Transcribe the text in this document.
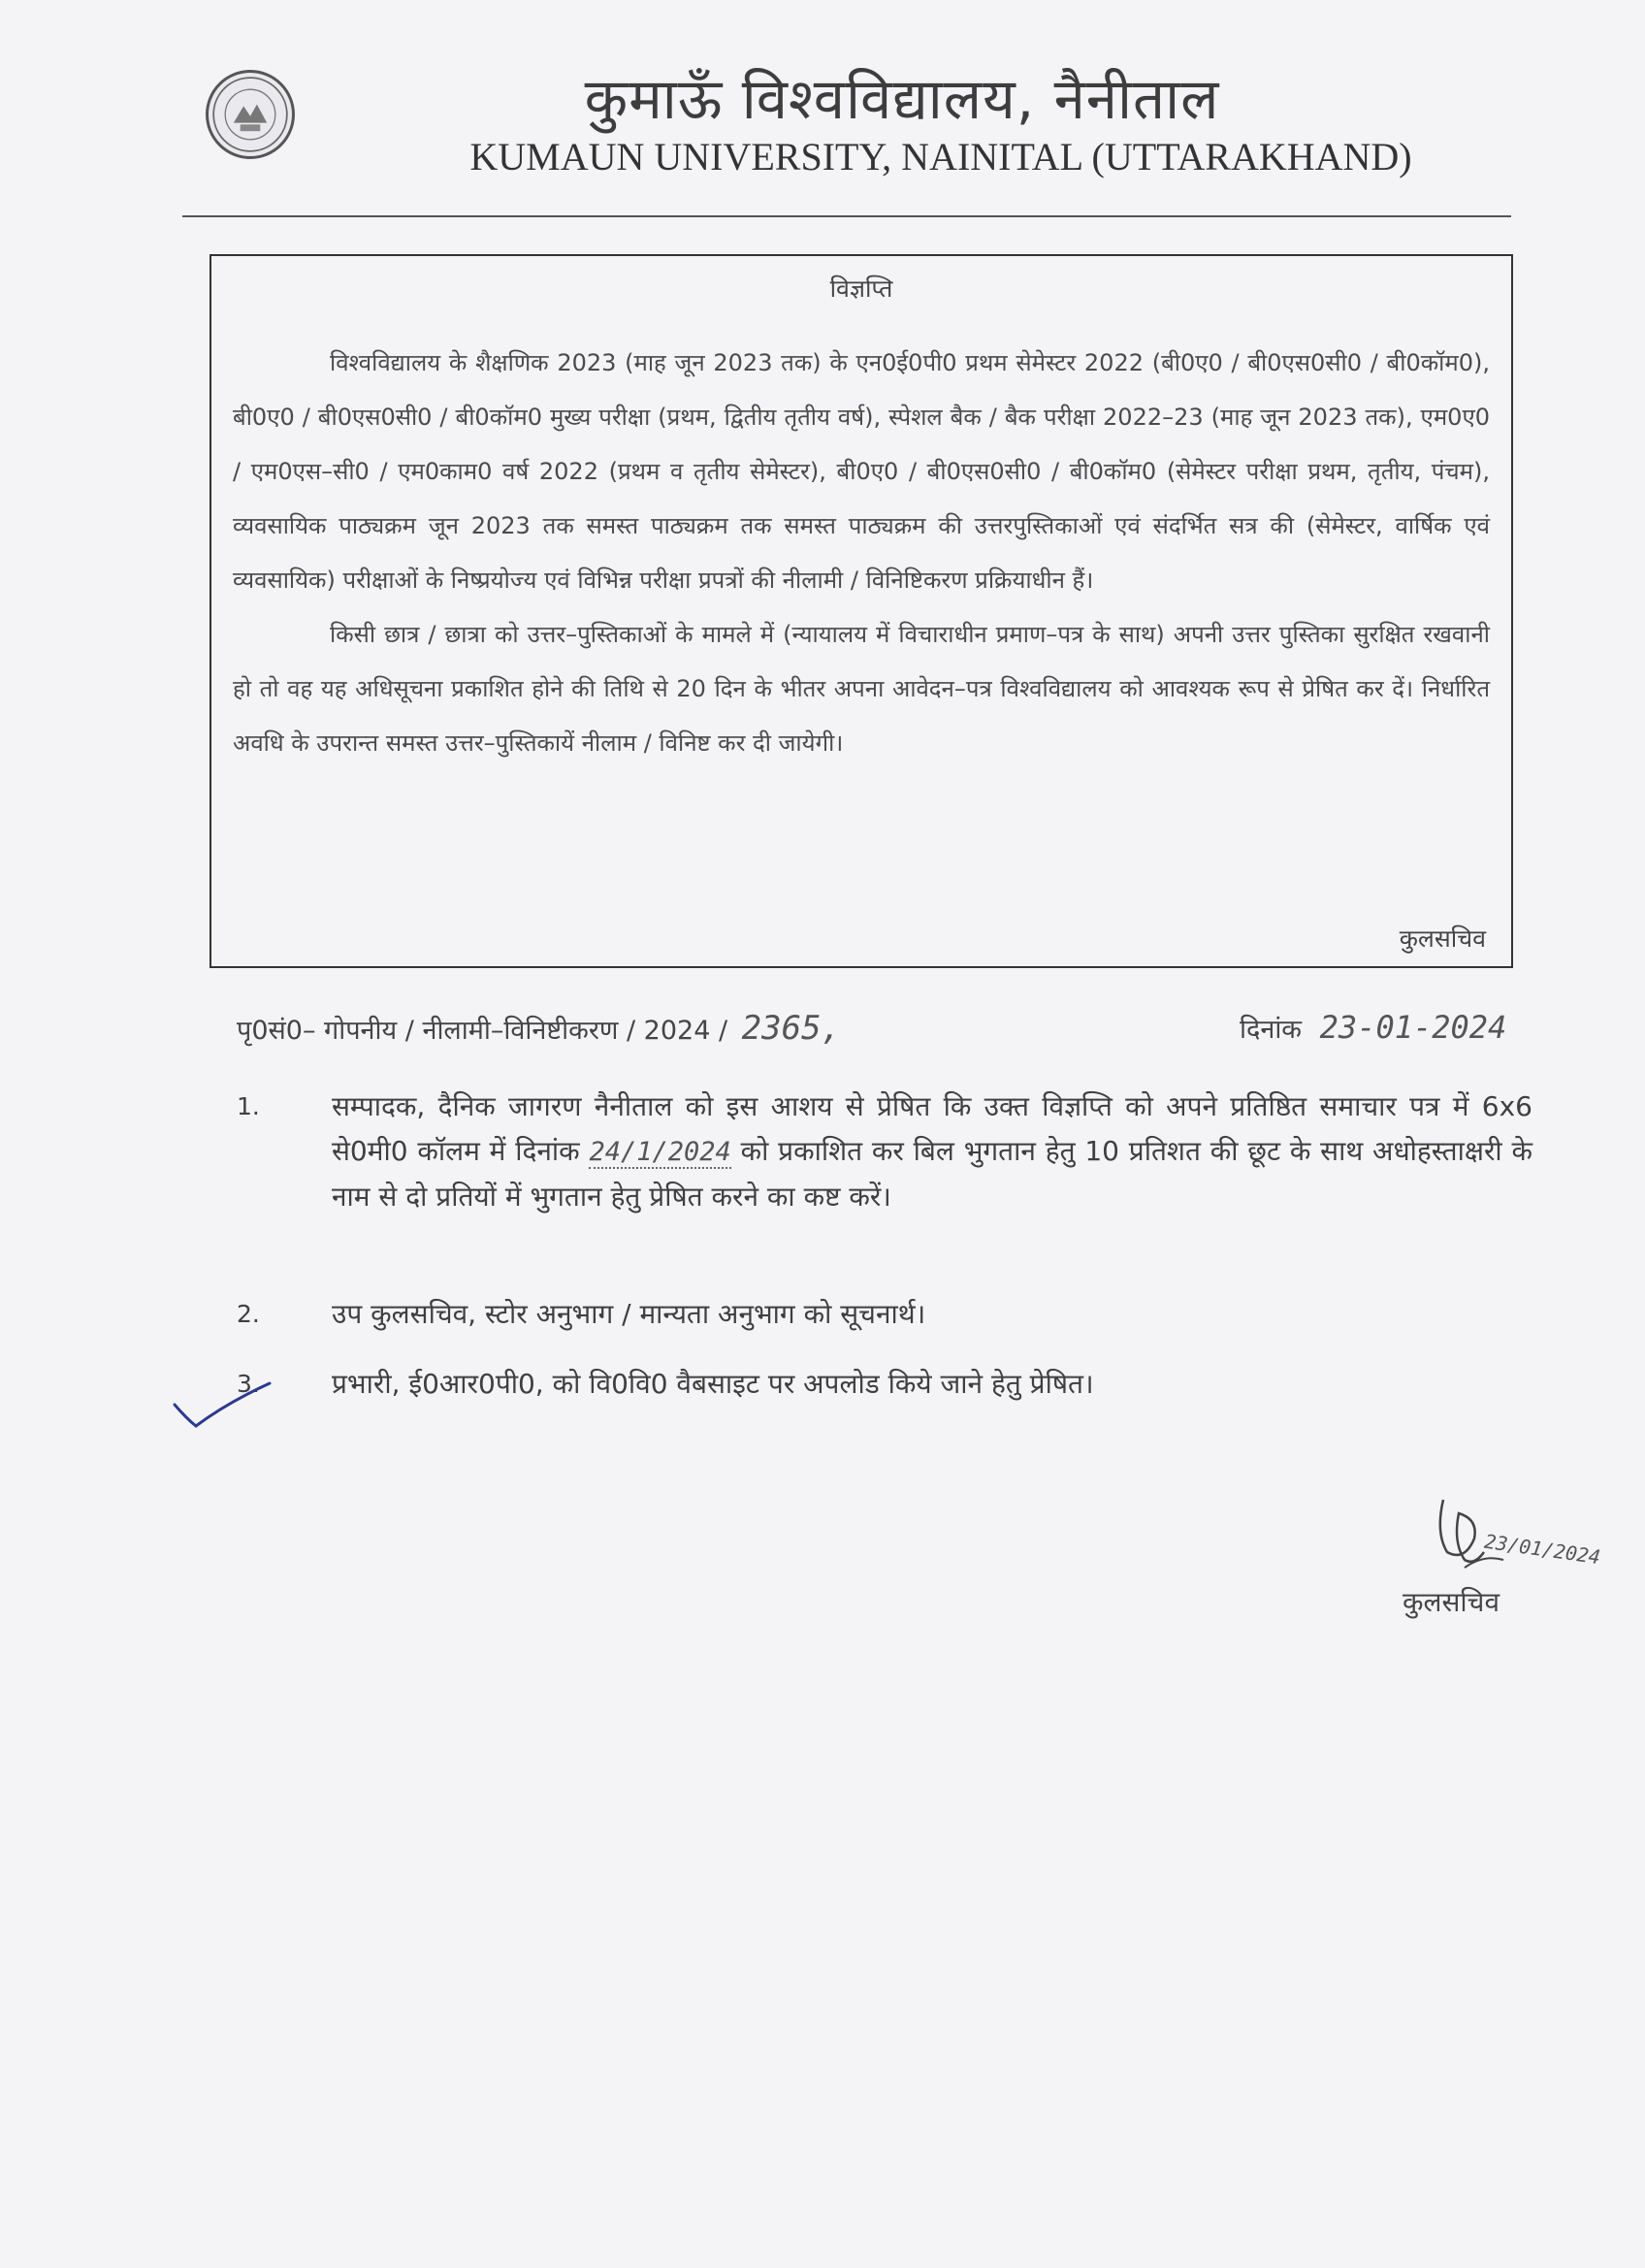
कुमाऊँ विश्वविद्यालय, नैनीताल
KUMAUN UNIVERSITY, NAINITAL (UTTARAKHAND)
विज्ञप्ति

विश्वविद्यालय के शैक्षणिक 2023 (माह जून 2023 तक) के एन0ई0पी0 प्रथम सेमेस्टर 2022 (बी0ए0 / बी0एस0सी0 / बी0कॉम0), बी0ए0 / बी0एस0सी0 / बी0कॉम0 मुख्य परीक्षा (प्रथम, द्वितीय तृतीय वर्ष), स्पेशल बैक / बैक परीक्षा 2022–23 (माह जून 2023 तक), एम0ए0 / एम0एस–सी0 / एम0काम0 वर्ष 2022 (प्रथम व तृतीय सेमेस्टर), बी0ए0 / बी0एस0सी0 / बी0कॉम0 (सेमेस्टर परीक्षा प्रथम, तृतीय, पंचम), व्यवसायिक पाठ्यक्रम जून 2023 तक समस्त पाठ्यक्रम तक समस्त पाठ्यक्रम की उत्तरपुस्तिकाओं एवं संदर्भित सत्र की (सेमेस्टर, वार्षिक एवं व्यवसायिक) परीक्षाओं के निष्प्रयोज्य एवं विभिन्न परीक्षा प्रपत्रों की नीलामी / विनिष्टिकरण प्रक्रियाधीन हैं।

किसी छात्र / छात्रा को उत्तर–पुस्तिकाओं के मामले में (न्यायालय में विचाराधीन प्रमाण–पत्र के साथ) अपनी उत्तर पुस्तिका सुरक्षित रखवानी हो तो वह यह अधिसूचना प्रकाशित होने की तिथि से 20 दिन के भीतर अपना आवेदन–पत्र विश्वविद्यालय को आवश्यक रूप से प्रेषित कर दें। निर्धारित अवधि के उपरान्त समस्त उत्तर–पुस्तिकायें नीलाम / विनिष्ट कर दी जायेगी।

कुलसचिव
पृ0सं0– गोपनीय / नीलामी–विनिष्टीकरण / 2024 / 2365,	दिनांक 23-01-2024
1.	सम्पादक, दैनिक जागरण नैनीताल को इस आशय से प्रेषित कि उक्त विज्ञप्ति को अपने प्रतिष्ठित समाचार पत्र में 6x6 से0मी0 कॉलम में दिनांक 24/1/2024 को प्रकाशित कर बिल भुगतान हेतु 10 प्रतिशत की छूट के साथ अधोहस्ताक्षरी के नाम से दो प्रतियों में भुगतान हेतु प्रेषित करने का कष्ट करें।
2.	उप कुलसचिव, स्टोर अनुभाग / मान्यता अनुभाग को सूचनार्थ।
3.	प्रभारी, ई0आर0पी0, को वि0वि0 वैबसाइट पर अपलोड किये जाने हेतु प्रेषित।
कुलसचिव
23/01/2024
